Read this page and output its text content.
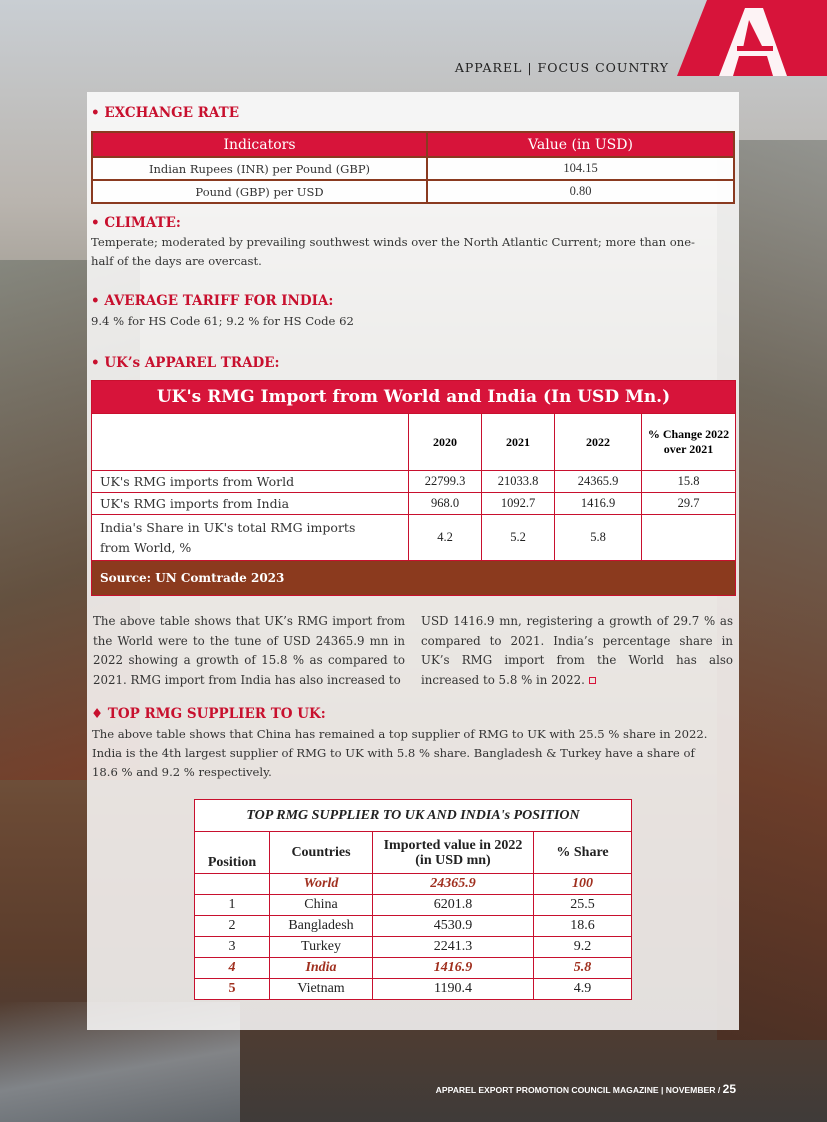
APPAREL | FOCUS COUNTRY

• EXCHANGE RATE

Indicators	Value (in USD)
Indian Rupees (INR) per Pound (GBP)	104.15
Pound (GBP) per USD	0.80

• CLIMATE:

Temperate; moderated by prevailing southwest winds over the North Atlantic Current; more than one-half of the days are overcast.

• AVERAGE TARIFF FOR INDIA:

9.4 % for HS Code 61; 9.2 % for HS Code 62

• UK’s APPAREL TRADE:

UK's RMG Import from World and India (In USD Mn.)				
	2020	2021	2022	% Change 2022 over 2021
UK's RMG imports from World	22799.3	21033.8	24365.9	15.8
UK's RMG imports from India	968.0	1092.7	1416.9	29.7
India's Share in UK's total RMG imports from World, %	4.2	5.2	5.8	
Source: UN Comtrade 2023				

The above table shows that UK’s RMG import from the World were to the tune of USD 24365.9 mn in 2022 showing a growth of 15.8 % as compared to 2021. RMG import from India has also increased to

USD 1416.9 mn, registering a growth of 29.7 % as compared to 2021. India’s percentage share in UK’s RMG import from the World has also increased to 5.8 % in 2022.

♦ TOP RMG SUPPLIER TO UK:

The above table shows that China has remained a top supplier of RMG to UK with 25.5 % share in 2022. India is the 4th largest supplier of RMG to UK with 5.8 % share. Bangladesh & Turkey have a share of 18.6 % and 9.2 % respectively.

TOP RMG SUPPLIER TO UK AND INDIA's POSITION			
Position	Countries	Imported value in 2022 (in USD mn)	% Share
	World	24365.9	100
1	China	6201.8	25.5
2	Bangladesh	4530.9	18.6
3	Turkey	2241.3	9.2
4	India	1416.9	5.8
5	Vietnam	1190.4	4.9
APPAREL EXPORT PROMOTION COUNCIL MAGAZINE | NOVEMBER / 25
